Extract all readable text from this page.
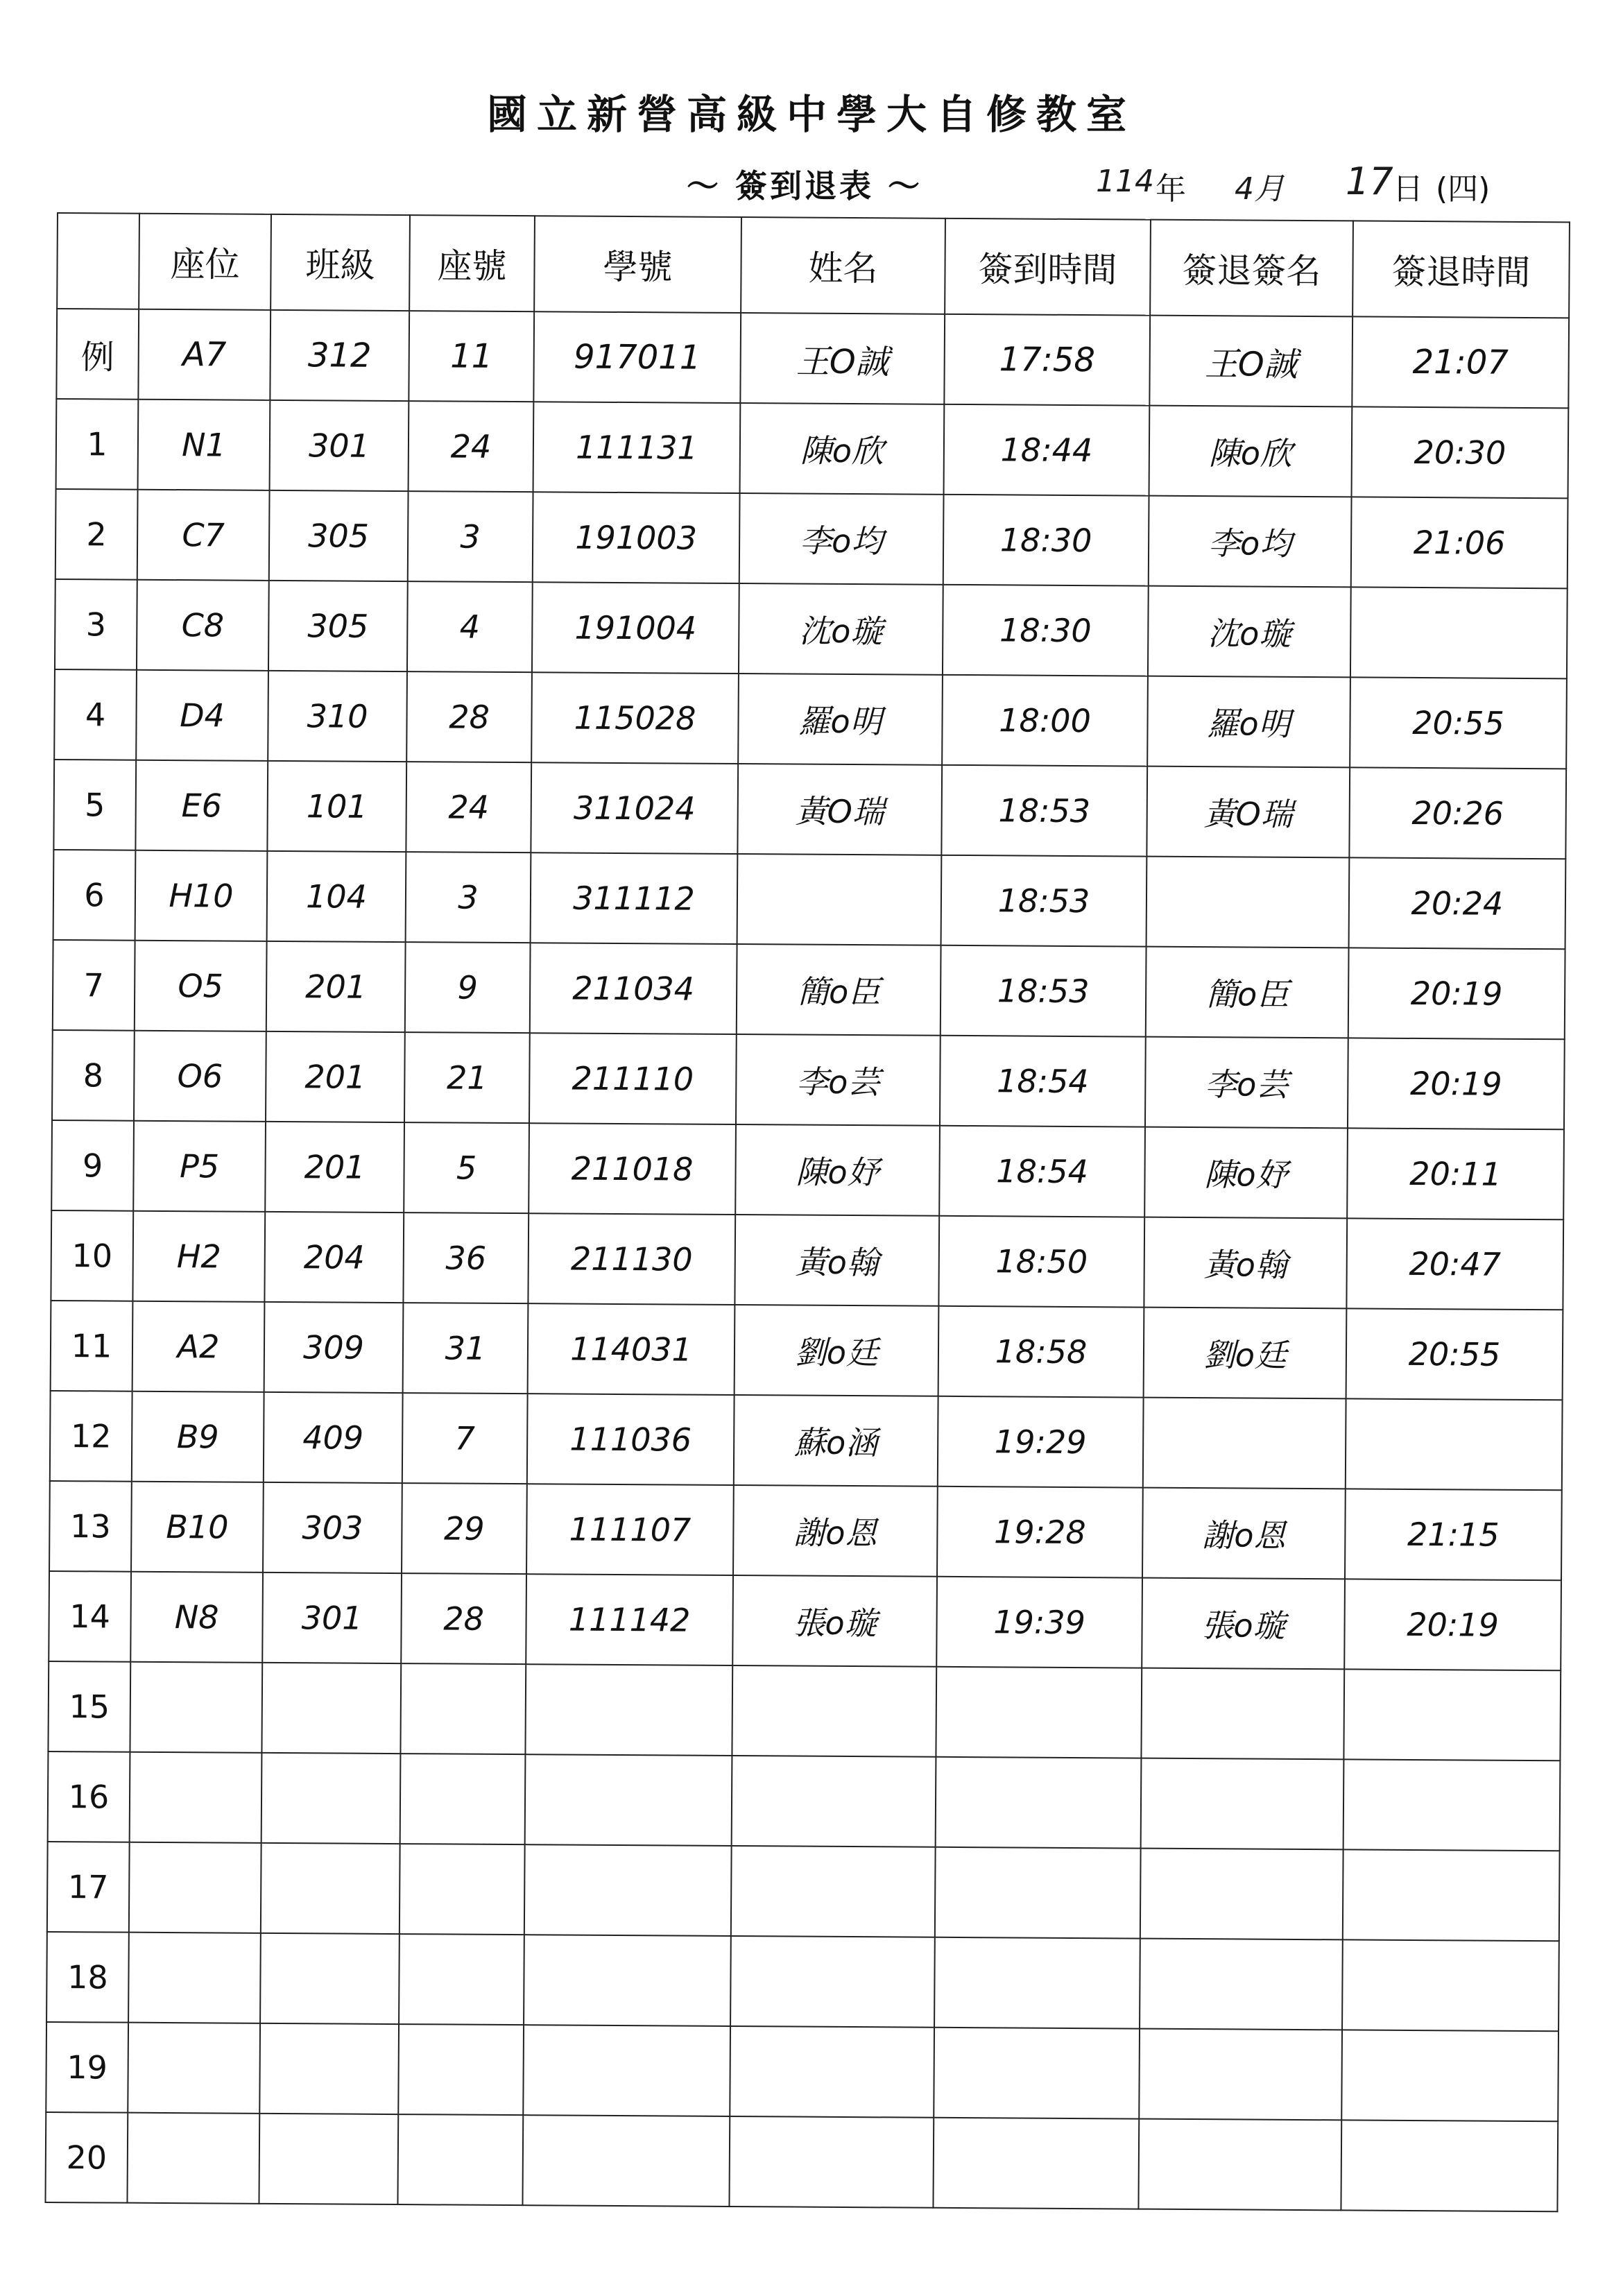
國立新營高級中學大自修教室
～ 簽到退表 ～	114 年 4月 17 日 (四)
	座位	班級	座號	學號	姓名	簽到時間	簽退簽名	簽退時間
例	A7	312	11	917011	王O誠	17:58	王O誠	21:07
1	N1	301	24	111131	陳o欣	18:44	陳o欣	20:30
2	C7	305	3	191003	李o均	18:30	李o均	21:06
3	C8	305	4	191004	沈o璇	18:30	沈o璇	
4	D4	310	28	115028	羅o明	18:00	羅o明	20:55
5	E6	101	24	311024	黃O瑞	18:53	黃O瑞	20:26
6	H10	104	3	311112		18:53		20:24
7	O5	201	9	211034	簡o臣	18:53	簡o臣	20:19
8	O6	201	21	211110	李o芸	18:54	李o芸	20:19
9	P5	201	5	211018	陳o妤	18:54	陳o妤	20:11
10	H2	204	36	211130	黃o翰	18:50	黃o翰	20:47
11	A2	309	31	114031	劉o廷	18:58	劉o廷	20:55
12	B9	409	7	111036	蘇o涵	19:29		
13	B10	303	29	111107	謝o恩	19:28	謝o恩	21:15
14	N8	301	28	111142	張o璇	19:39	張o璇	20:19
15								
16								
17								
18								
19								
20								
